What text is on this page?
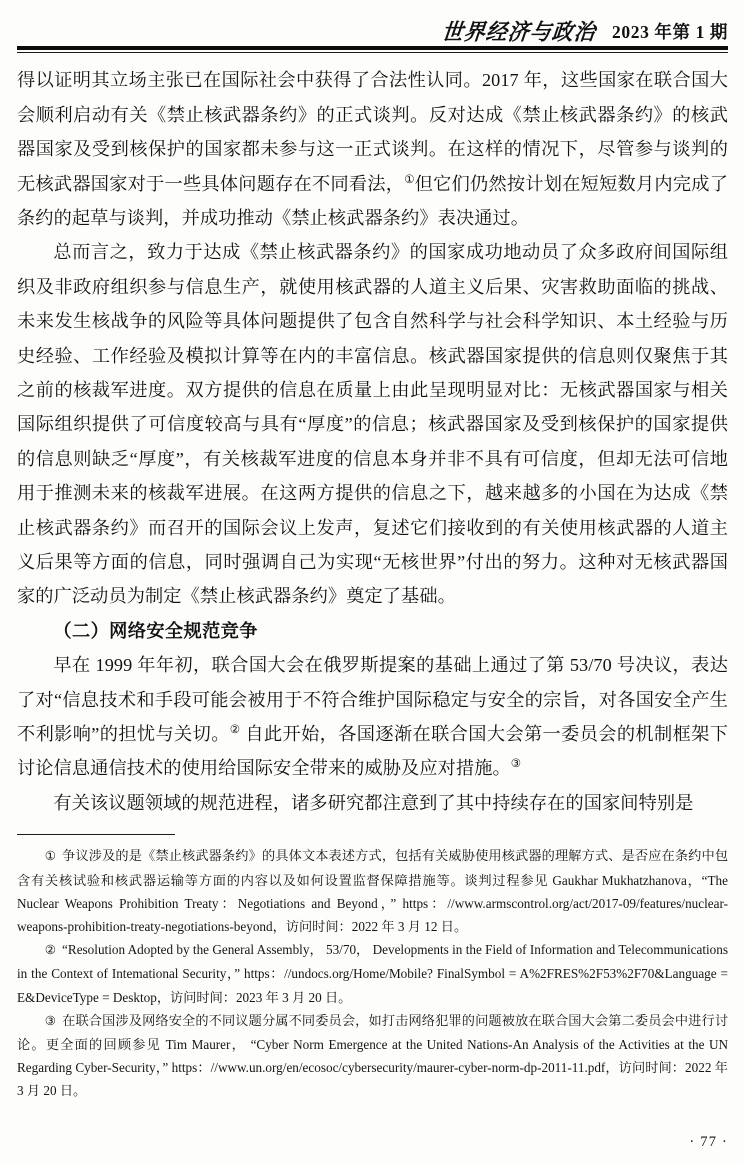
世界经济与政治 2023 年第 1 期

得以证明其立场主张已在国际社会中获得了合法性认同。2017 年，这些国家在联合国大会顺利启动有关《禁止核武器条约》的正式谈判。反对达成《禁止核武器条约》的核武器国家及受到核保护的国家都未参与这一正式谈判。在这样的情况下，尽管参与谈判的无核武器国家对于一些具体问题存在不同看法，①但它们仍然按计划在短短数月内完成了条约的起草与谈判，并成功推动《禁止核武器条约》表决通过。

总而言之，致力于达成《禁止核武器条约》的国家成功地动员了众多政府间国际组织及非政府组织参与信息生产，就使用核武器的人道主义后果、灾害救助面临的挑战、未来发生核战争的风险等具体问题提供了包含自然科学与社会科学知识、本土经验与历史经验、工作经验及模拟计算等在内的丰富信息。核武器国家提供的信息则仅聚焦于其之前的核裁军进度。双方提供的信息在质量上由此呈现明显对比：无核武器国家与相关国际组织提供了可信度较高与具有“厚度”的信息；核武器国家及受到核保护的国家提供的信息则缺乏“厚度”，有关核裁军进度的信息本身并非不具有可信度，但却无法可信地用于推测未来的核裁军进展。在这两方提供的信息之下，越来越多的小国在为达成《禁止核武器条约》而召开的国际会议上发声，复述它们接收到的有关使用核武器的人道主义后果等方面的信息，同时强调自己为实现“无核世界”付出的努力。这种对无核武器国家的广泛动员为制定《禁止核武器条约》奠定了基础。

（二）网络安全规范竞争

早在 1999 年年初，联合国大会在俄罗斯提案的基础上通过了第 53/70 号决议，表达了对“信息技术和手段可能会被用于不符合维护国际稳定与安全的宗旨，对各国安全产生不利影响”的担忧与关切。② 自此开始，各国逐渐在联合国大会第一委员会的机制框架下讨论信息通信技术的使用给国际安全带来的威胁及应对措施。③

有关该议题领域的规范进程，诸多研究都注意到了其中持续存在的国家间特别是

① 争议涉及的是《禁止核武器条约》的具体文本表述方式，包括有关威胁使用核武器的理解方式、是否应在条约中包含有关核试验和核武器运输等方面的内容以及如何设置监督保障措施等。谈判过程参见 Gaukhar Mukhatzhanova，“The Nuclear Weapons Prohibition Treaty：Negotiations and Beyond，” https：//www.armscontrol.org/act/2017-09/features/nuclear-weapons-prohibition-treaty-negotiations-beyond，访问时间：2022 年 3 月 12 日。

② “Resolution Adopted by the General Assembly， 53/70， Developments in the Field of Information and Telecommunications in the Context of Intemational Security，” https：//undocs.org/Home/Mobile? FinalSymbol = A%2FRES%2F53%2F70&Language = E&DeviceType = Desktop，访问时间：2023 年 3 月 20 日。

③ 在联合国涉及网络安全的不同议题分属不同委员会，如打击网络犯罪的问题被放在联合国大会第二委员会中进行讨论。更全面的回顾参见 Tim Maurer， “Cyber Norm Emergence at the United Nations-An Analysis of the Activities at the UN Regarding Cyber-Security，” https：//www.un.org/en/ecosoc/cybersecurity/maurer-cyber-norm-dp-2011-11.pdf，访问时间：2022 年 3 月 20 日。

· 77 ·
